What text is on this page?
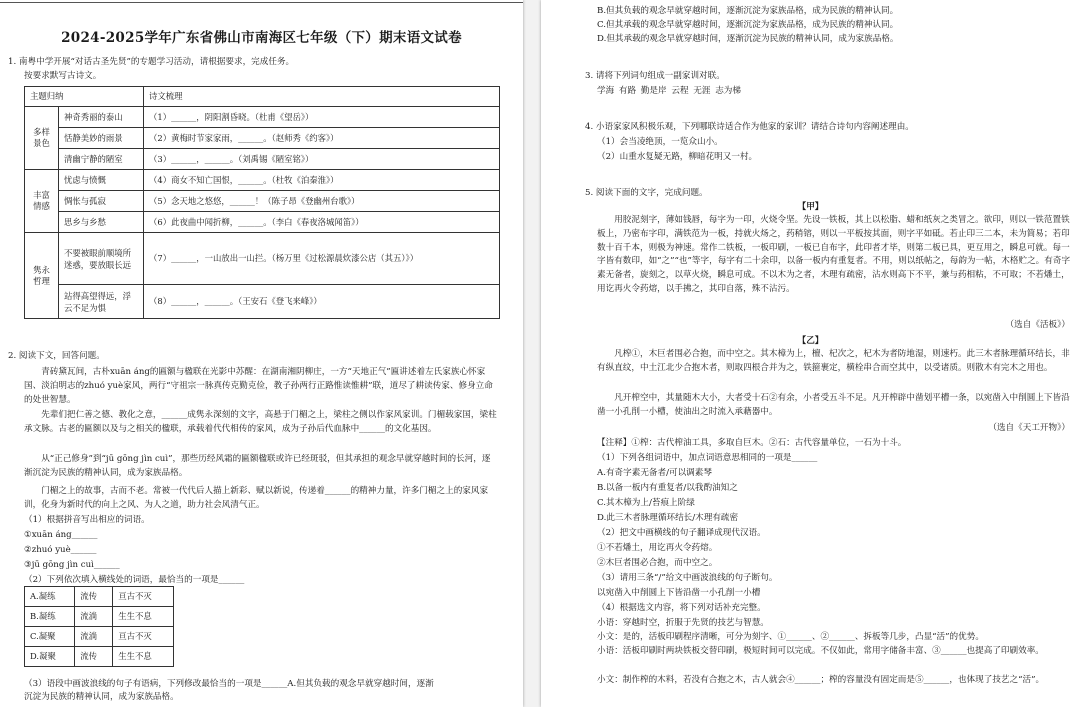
2024-2025学年广东省佛山市南海区七年级（下）期末语文试卷
1. 南粤中学开展“对话古圣先贤”的专题学习活动，请根据要求，完成任务。
按要求默写古诗文。
主题归纳		诗文梳理
多样景色	神奇秀丽的泰山	（1）______，阴阳割昏晓。（杜甫《望岳》）
	恬静美妙的雨景	（2）黄梅时节家家雨，______。（赵师秀《约客》）
	清幽宁静的陋室	（3）______，______。（刘禹锡《陋室铭》）
丰富情感	忧虑与愤慨	（4）商女不知亡国恨，______。（杜牧《泊秦淮》）
	惆怅与孤寂	（5）念天地之悠悠，______！（陈子昂《登幽州台歌》）
	思乡与乡愁	（6）此夜曲中闻折柳，______。（李白《春夜洛城闻笛》）
隽永哲理	不要被眼前顺境所迷惑，要放眼长远	（7）______，一山放出一山拦。（杨万里《过松源晨炊漆公店（其五）》）
	站得高望得远，浮云不足为惧	（8）______，______。（王安石《登飞来峰》）
2. 阅读下文，回答问题。
青砖黛瓦间，古朴xuān áng的匾额与楹联在光影中苏醒：在湖南湘阴柳庄，一方“天地正气”匾讲述着左氏家族心怀家国、淡泊明志的zhuó yuè家风，两行“守祖宗一脉真传克勤克俭，教子孙两行正路惟读惟耕”联，道尽了耕读传家、修身立命的处世智慧。
先辈们把仁善之德、教化之意，______成隽永深刻的文字，高悬于门楣之上，梁柱之侧以作家风家训。门楣载家国，梁柱承文脉。古老的匾额以及与之相关的楹联，承载着代代相传的家风，成为子孙后代血脉中______的文化基因。
从“正己修身”到“jū gōng jìn cuì”，那些历经风霜的匾额楹联或许已经斑驳，但其承担的观念早就穿越时间的长河，逐渐沉淀为民族的精神认同，成为家族品格。
门楣之上的故事，古而不老。常被一代代后人描上新彩、赋以新说，传递着______的精神力量，许多门楣之上的家风家训，化身为新时代的向上之风、为人之道，助力社会风清气正。
（1）根据拼音写出相应的词语。
①xuān áng______
②zhuó yuè______
③jū gōng jìn cuì______
（2）下列依次填入横线处的词语，最恰当的一项是______
A.凝练	流传	亘古不灭
B.凝练	流淌	生生不息
C.凝聚	流淌	亘古不灭
D.凝聚	流传	生生不息
（3）语段中画波浪线的句子有语病，下列修改最恰当的一项是______A.但其负载的观念早就穿越时间，逐渐
沉淀为民族的精神认同，成为家族品格。
B.但其负载的观念早就穿越时间，逐渐沉淀为家族品格，成为民族的精神认同。
C.但其承载的观念早就穿越时间，逐渐沉淀为家族品格，成为民族的精神认同。
D.但其承载的观念早就穿越时间，逐渐沉淀为民族的精神认同，成为家族品格。
3. 请将下列词句组成一副家训对联。
学海 有路 勤是岸 云程 无涯 志为梯
4. 小语家家风积极乐观，下列哪联诗适合作为他家的家训？请结合诗句内容阐述理由。
（1）会当凌绝顶，一览众山小。
（2）山重水复疑无路，柳暗花明又一村。
5. 阅读下面的文字，完成问题。
【甲】
用胶泥刻字，薄如钱唇，每字为一印，火烧令坚。先设一铁板，其上以松脂、蜡和纸灰之类冒之。欲印，则以一铁范置铁板上，乃密布字印，满铁范为一板，持就火炀之，药稍镕，则以一平板按其面，则字平如砥。若止印三二本，未为简易；若印数十百千本，则极为神速。常作二铁板，一板印刷，一板已自布字，此印者才毕，则第二板已具，更互用之，瞬息可就。每一字皆有数印，如“之”“也”等字，每字有二十余印，以备一板内有重复者。不用，则以纸帖之，每韵为一帖，木格贮之。有奇字素无备者，旋刻之，以草火烧，瞬息可成。不以木为之者，木理有疏密，沾水则高下不平，兼与药相粘，不可取；不若燔土，用讫再火令药熔，以手拂之，其印自落，殊不沾污。
（选自《活板》）
【乙】
凡榨①，木巨者围必合抱，而中空之。其木樟为上，檀、杞次之，杞木为者防地湿，则速朽。此三木者脉理循环结长，非有纵直纹，中土江北少合抱木者，则取四根合并为之，铁箍裹定，横栓串合而空其中，以受诸质。则散木有完木之用也。
凡开榨空中，其量随木大小，大者受十石②有余，小者受五斗不足。凡开榨辟中凿划平槽一条，以宛凿入中削圆上下皆沿凿一小孔削一小槽，使油出之时流入承藉器中。
（选自《天工开物》）
【注释】①榨：古代榨油工具，多取自巨木。②石：古代容量单位，一石为十斗。
（1）下列各组词语中，加点词语意思相同的一项是______
A.有奇字素无备者/可以调素琴
B.以备一板内有重复者/以我酌油知之
C.其木樟为上/苔痕上阶绿
D.此三木者脉理循环结长/木理有疏密
（2）把文中画横线的句子翻译成现代汉语。
①不若燔土，用讫再火令药熔。
②木巨者围必合抱，而中空之。
（3）请用三条“/”给文中画波浪线的句子断句。
以宛凿入中削圆上下皆沿凿一小孔削一小槽
（4）根据选文内容，将下列对话补充完整。
小语：穿越时空，折服于先贤的技艺与智慧。
小文：是的，活板印刷程序清晰，可分为刻字、①______、②______、拆板等几步，凸显“活”的优势。
小语：活板印刷时两块铁板交替印刷，极短时间可以完成。不仅如此，常用字储备丰富、③______也提高了印刷效率。
小文：制作榨的木料，若没有合抱之木，古人就会④______；榨的容量没有固定而是⑤______，也体现了技艺之“活”。
